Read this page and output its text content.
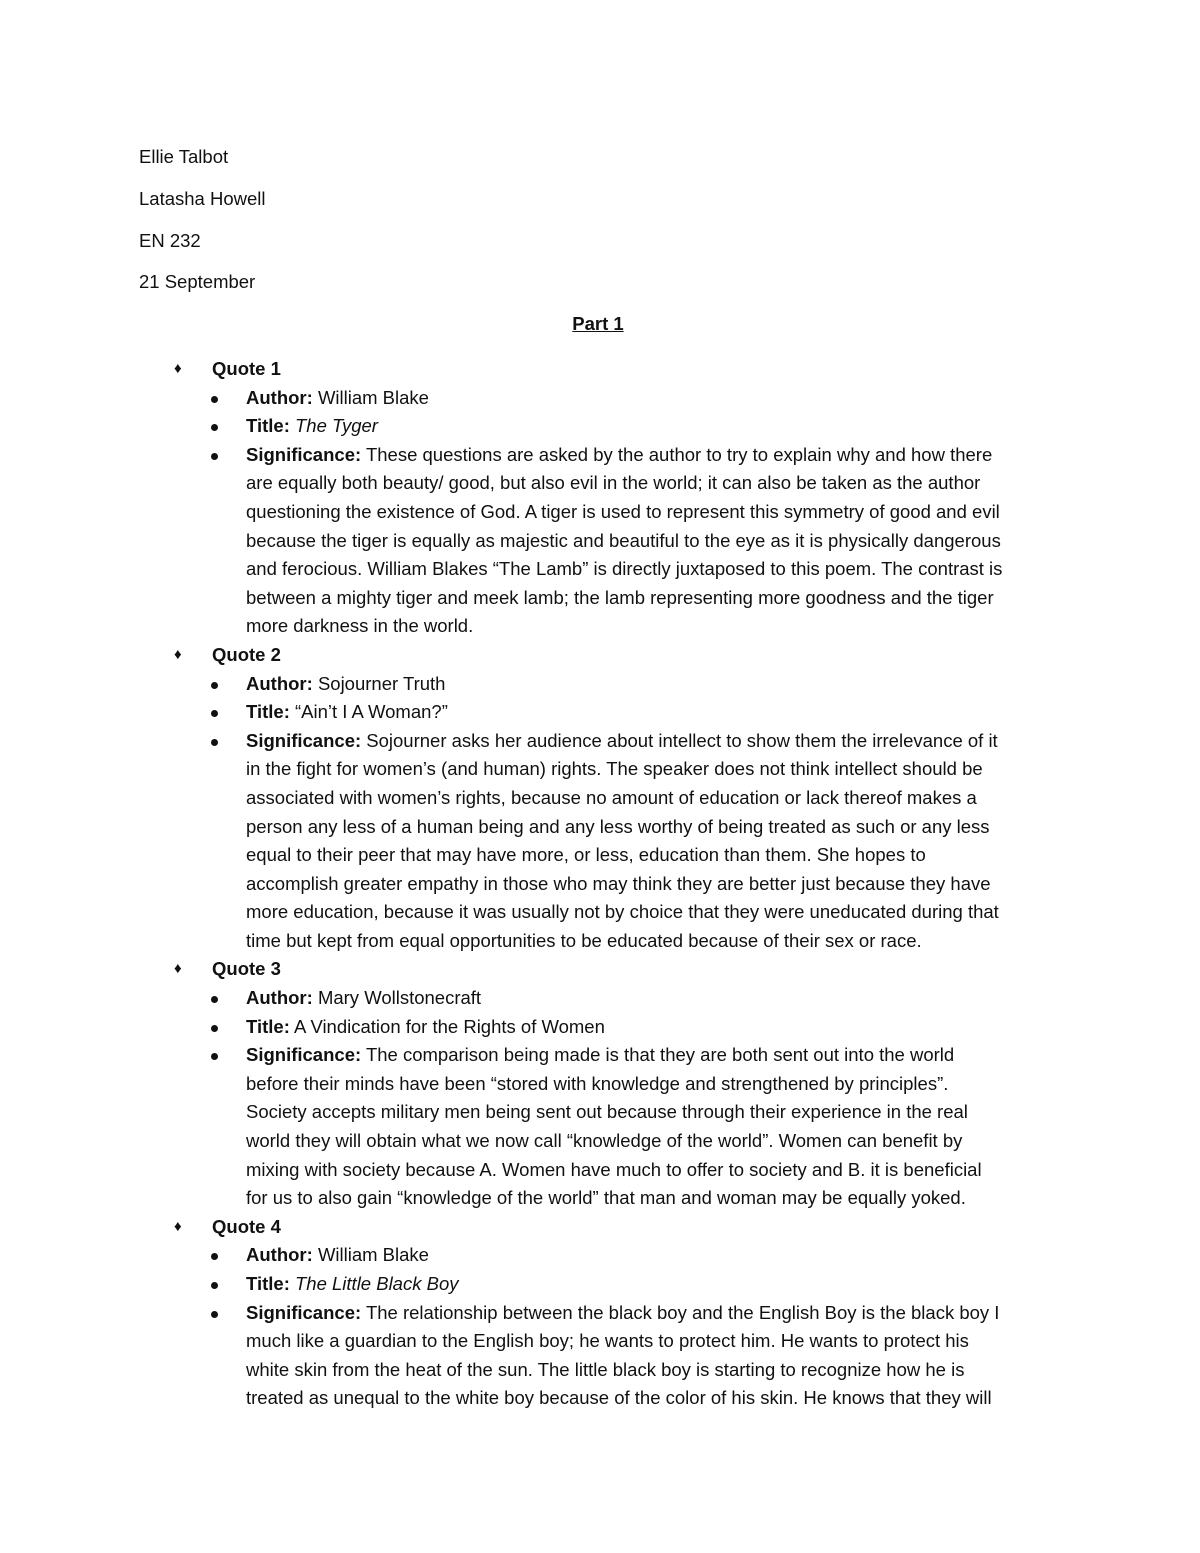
Ellie Talbot
Latasha Howell
EN 232
21 September
Part 1
♦ Quote 1
Author: William Blake
Title: The Tyger
Significance: These questions are asked by the author to try to explain why and how there
are equally both beauty/ good, but also evil in the world; it can also be taken as the author
questioning the existence of God. A tiger is used to represent this symmetry of good and evil
because the tiger is equally as majestic and beautiful to the eye as it is physically dangerous
and ferocious. William Blakes “The Lamb” is directly juxtaposed to this poem. The contrast is
between a mighty tiger and meek lamb; the lamb representing more goodness and the tiger
more darkness in the world.
♦ Quote 2
Author: Sojourner Truth
Title: “Ain’t I A Woman?”
Significance: Sojourner asks her audience about intellect to show them the irrelevance of it
in the fight for women’s (and human) rights. The speaker does not think intellect should be
associated with women’s rights, because no amount of education or lack thereof makes a
person any less of a human being and any less worthy of being treated as such or any less
equal to their peer that may have more, or less, education than them. She hopes to
accomplish greater empathy in those who may think they are better just because they have
more education, because it was usually not by choice that they were uneducated during that
time but kept from equal opportunities to be educated because of their sex or race.
♦ Quote 3
Author: Mary Wollstonecraft
Title: A Vindication for the Rights of Women
Significance: The comparison being made is that they are both sent out into the world
before their minds have been “stored with knowledge and strengthened by principles”.
Society accepts military men being sent out because through their experience in the real
world they will obtain what we now call “knowledge of the world”. Women can benefit by
mixing with society because A. Women have much to offer to society and B. it is beneficial
for us to also gain “knowledge of the world” that man and woman may be equally yoked.
♦ Quote 4
Author: William Blake
Title: The Little Black Boy
Significance: The relationship between the black boy and the English Boy is the black boy I
much like a guardian to the English boy; he wants to protect him. He wants to protect his
white skin from the heat of the sun. The little black boy is starting to recognize how he is
treated as unequal to the white boy because of the color of his skin. He knows that they will
